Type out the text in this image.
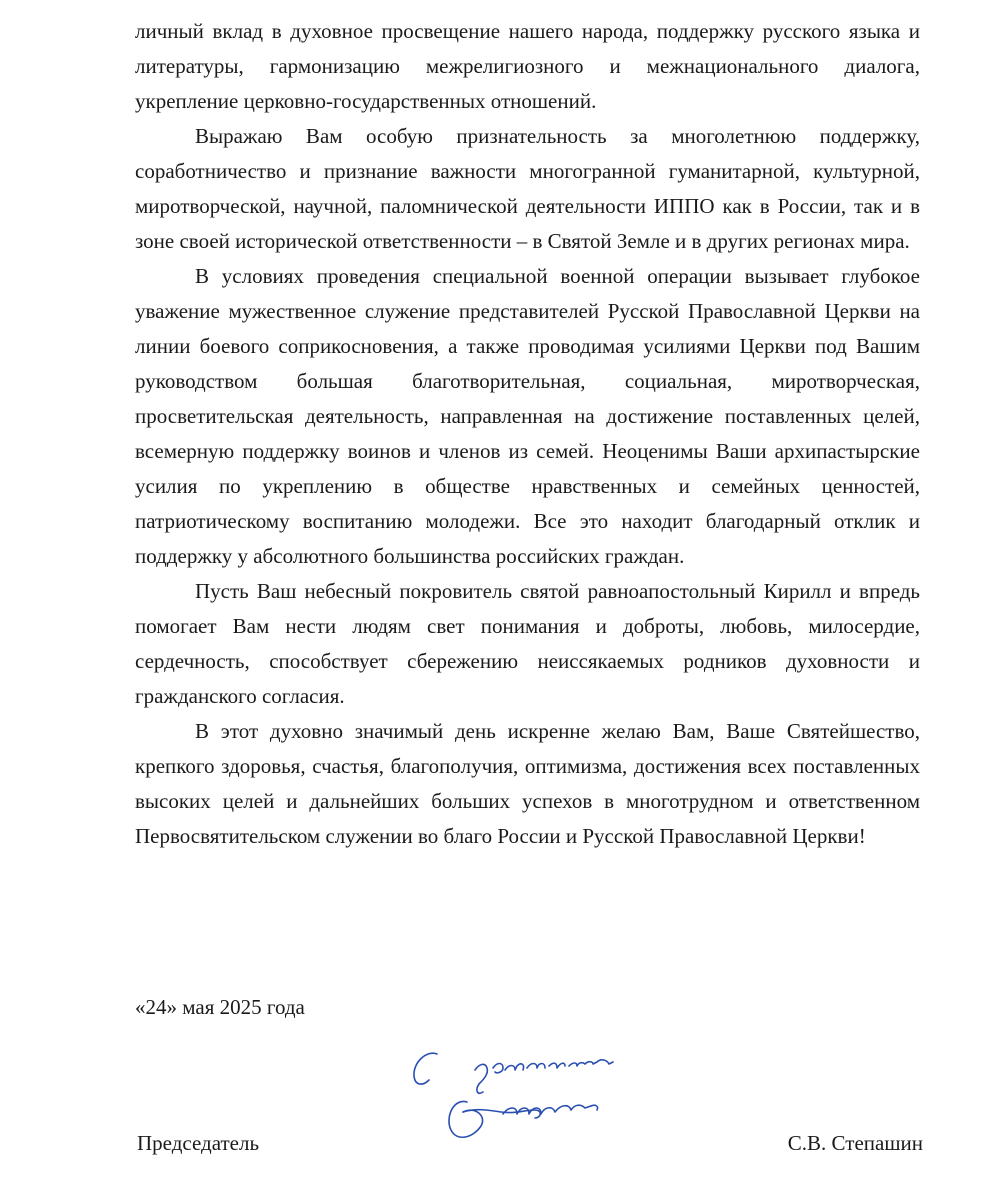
личный вклад в духовное просвещение нашего народа, поддержку русского языка и литературы, гармонизацию межрелигиозного и межнационального диалога, укрепление церковно-государственных отношений.

Выражаю Вам особую признательность за многолетнюю поддержку, соработничество и признание важности многогранной гуманитарной, культурной, миротворческой, научной, паломнической деятельности ИППО как в России, так и в зоне своей исторической ответственности – в Святой Земле и в других регионах мира.

В условиях проведения специальной военной операции вызывает глубокое уважение мужественное служение представителей Русской Православной Церкви на линии боевого соприкосновения, а также проводимая усилиями Церкви под Вашим руководством большая благотворительная, социальная, миротворческая, просветительская деятельность, направленная на достижение поставленных целей, всемерную поддержку воинов и членов из семей. Неоценимы Ваши архипастырские усилия по укреплению в обществе нравственных и семейных ценностей, патриотическому воспитанию молодежи. Все это находит благодарный отклик и поддержку у абсолютного большинства российских граждан.

Пусть Ваш небесный покровитель святой равноапостольный Кирилл и впредь помогает Вам нести людям свет понимания и доброты, любовь, милосердие, сердечность, способствует сбережению неиссякаемых родников духовности и гражданского согласия.

В этот духовно значимый день искренне желаю Вам, Ваше Святейшество, крепкого здоровья, счастья, благополучия, оптимизма, достижения всех поставленных высоких целей и дальнейших больших успехов в многотрудном и ответственном Первосвятительском служении во благо России и Русской Православной Церкви!

«24» мая 2025 года
Председатель	С.В. Степашин
